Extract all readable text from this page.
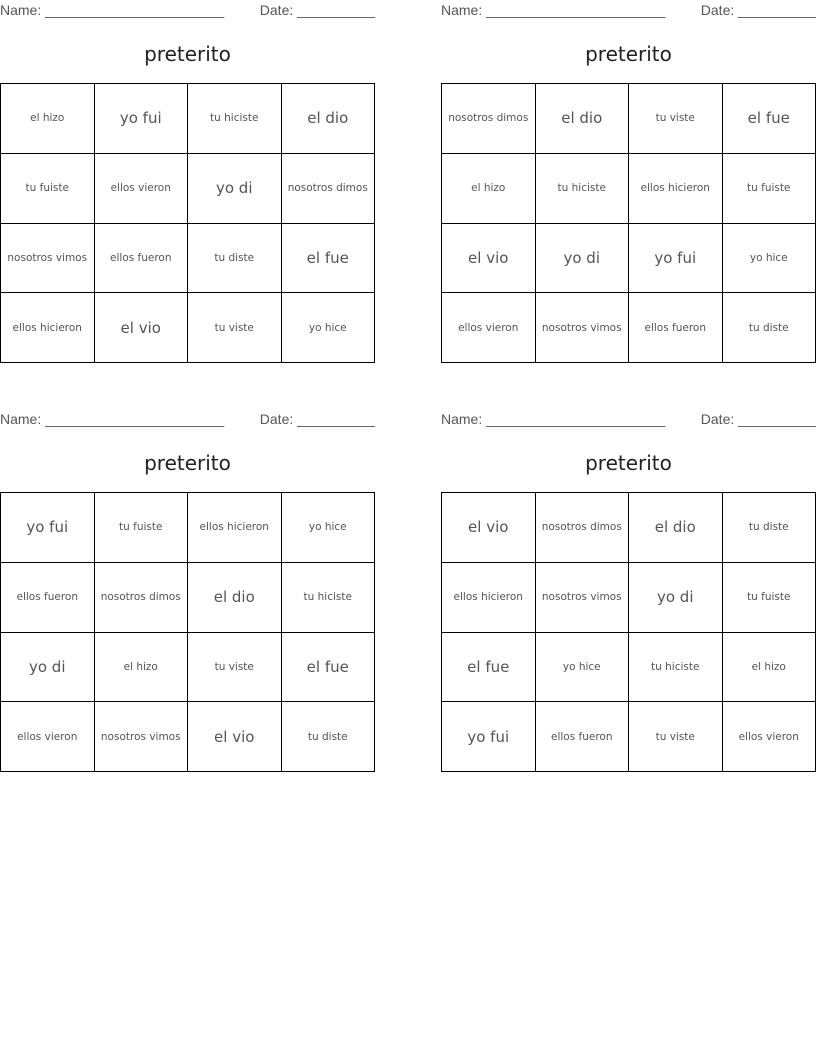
Name: _______________________	Date: __________
preterito
el hizo	yo fui	tu hiciste	el dio
tu fuiste	ellos vieron	yo di	nosotros dimos
nosotros vimos	ellos fueron	tu diste	el fue
ellos hicieron	el vio	tu viste	yo hice
Name: _______________________	Date: __________
preterito
nosotros dimos	el dio	tu viste	el fue
el hizo	tu hiciste	ellos hicieron	tu fuiste
el vio	yo di	yo fui	yo hice
ellos vieron	nosotros vimos	ellos fueron	tu diste
Name: _______________________	Date: __________
preterito
yo fui	tu fuiste	ellos hicieron	yo hice
ellos fueron	nosotros dimos	el dio	tu hiciste
yo di	el hizo	tu viste	el fue
ellos vieron	nosotros vimos	el vio	tu diste
Name: _______________________	Date: __________
preterito
el vio	nosotros dimos	el dio	tu diste
ellos hicieron	nosotros vimos	yo di	tu fuiste
el fue	yo hice	tu hiciste	el hizo
yo fui	ellos fueron	tu viste	ellos vieron
